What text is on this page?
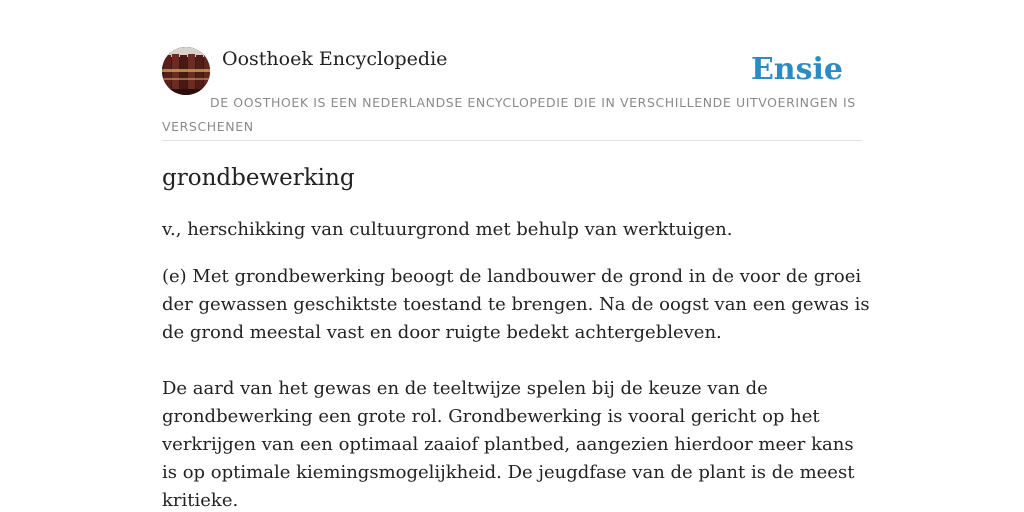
Oosthoek Encyclopedie	Ensie
DE OOSTHOEK IS EEN NEDERLANDSE ENCYCLOPEDIE DIE IN VERSCHILLENDE UITVOERINGEN IS VERSCHENEN
grondbewerking

v., herschikking van cultuurgrond met behulp van werktuigen.

(e) Met grondbewerking beoogt de landbouwer de grond in de voor de groei der gewassen geschiktste toestand te brengen. Na de oogst van een gewas is de grond meestal vast en door ruigte bedekt achtergebleven.

De aard van het gewas en de teeltwijze spelen bij de keuze van de grondbewerking een grote rol. Grondbewerking is vooral gericht op het verkrijgen van een optimaal zaaiof plantbed, aangezien hierdoor meer kans is op optimale kiemingsmogelijkheid. De jeugdfase van de plant is de meest kritieke.
